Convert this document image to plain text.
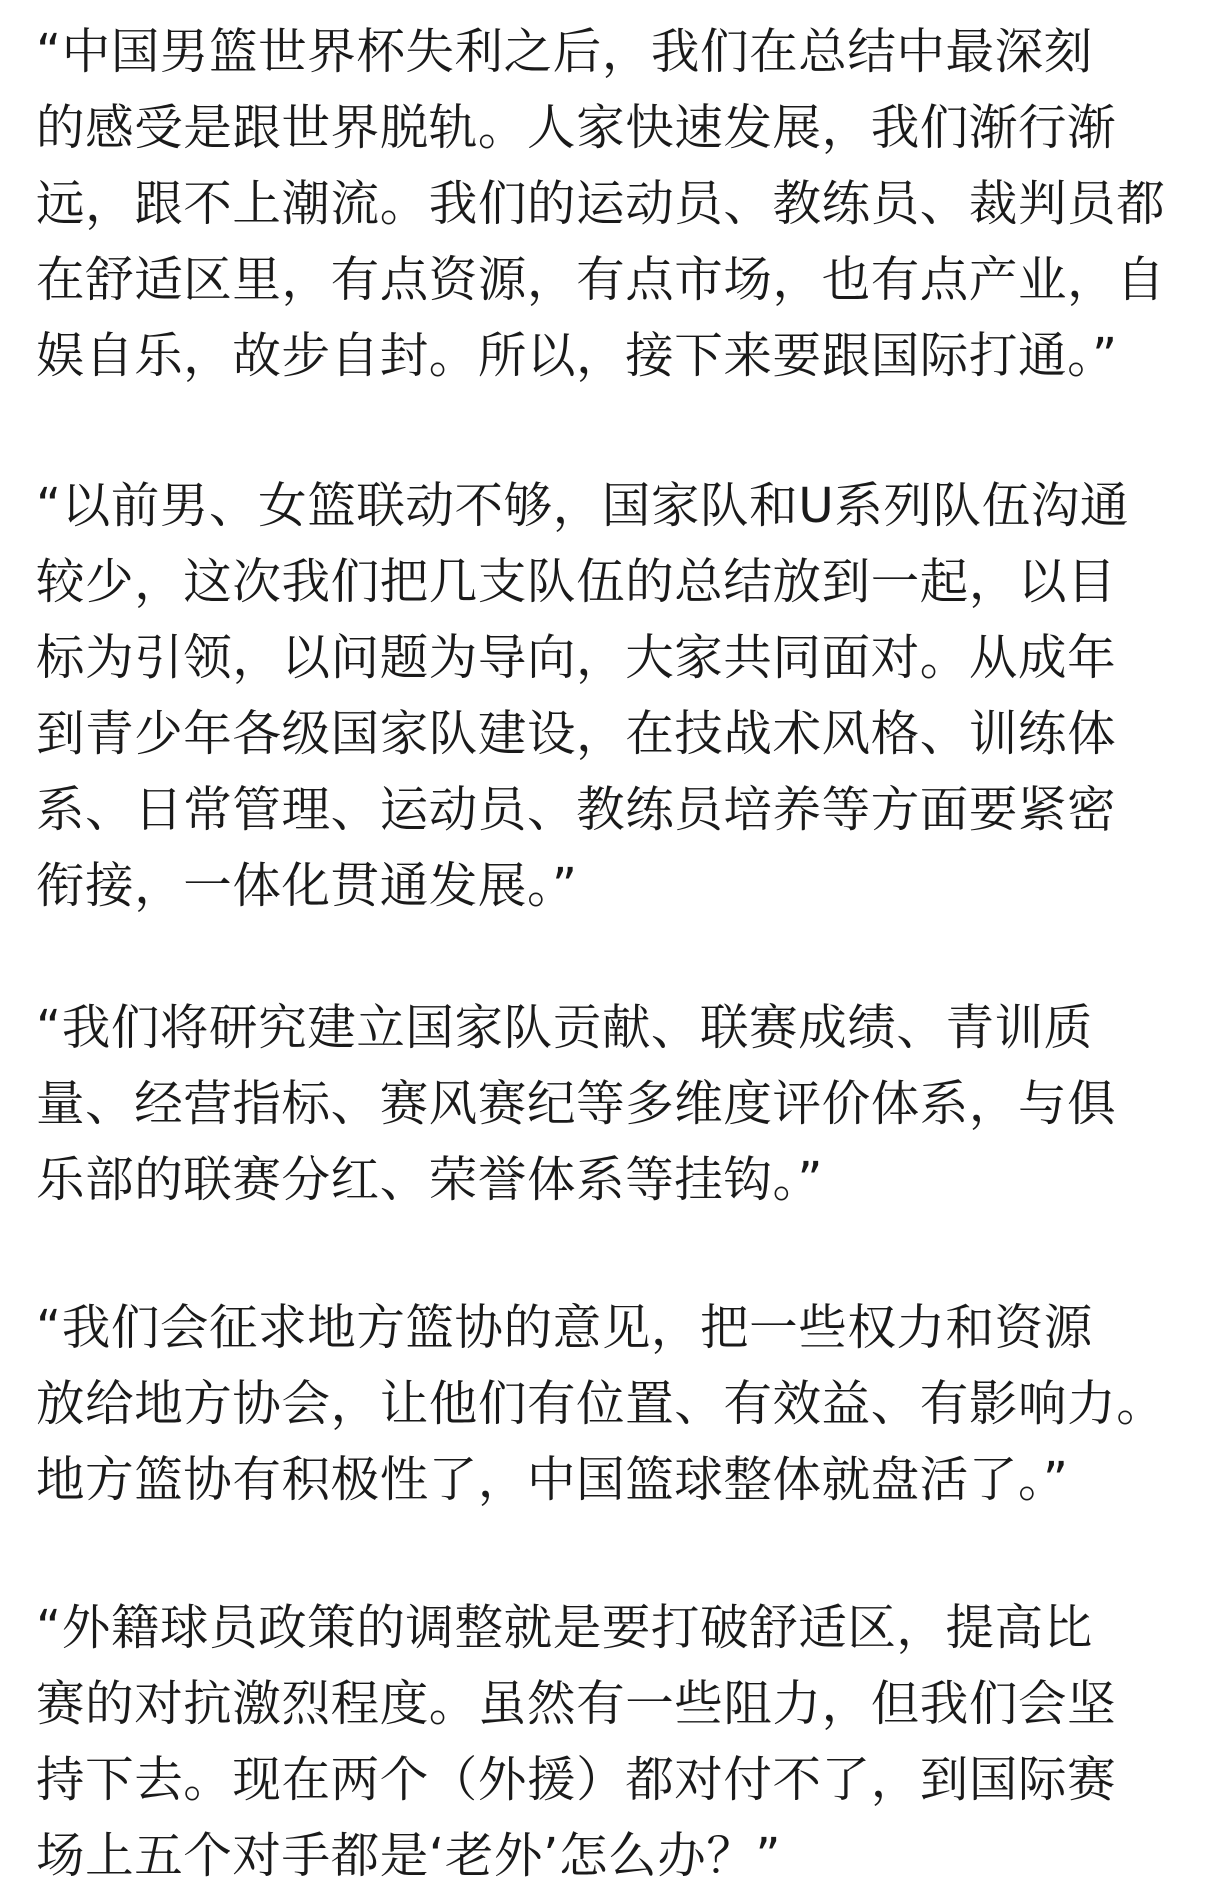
“中国男篮世界杯失利之后，我们在总结中最深刻
的感受是跟世界脱轨。人家快速发展，我们渐行渐
远，跟不上潮流。我们的运动员、教练员、裁判员都
在舒适区里，有点资源，有点市场，也有点产业，自
娱自乐，故步自封。所以，接下来要跟国际打通。”
“以前男、女篮联动不够，国家队和U系列队伍沟通
较少，这次我们把几支队伍的总结放到一起，以目
标为引领，以问题为导向，大家共同面对。从成年
到青少年各级国家队建设，在技战术风格、训练体
系、日常管理、运动员、教练员培养等方面要紧密
衔接，一体化贯通发展。”
“我们将研究建立国家队贡献、联赛成绩、青训质
量、经营指标、赛风赛纪等多维度评价体系，与俱
乐部的联赛分红、荣誉体系等挂钩。”
“我们会征求地方篮协的意见，把一些权力和资源
放给地方协会，让他们有位置、有效益、有影响力。
地方篮协有积极性了，中国篮球整体就盘活了。”
“外籍球员政策的调整就是要打破舒适区，提高比
赛的对抗激烈程度。虽然有一些阻力，但我们会坚
持下去。现在两个（外援）都对付不了，到国际赛
场上五个对手都是‘老外’怎么办？”
